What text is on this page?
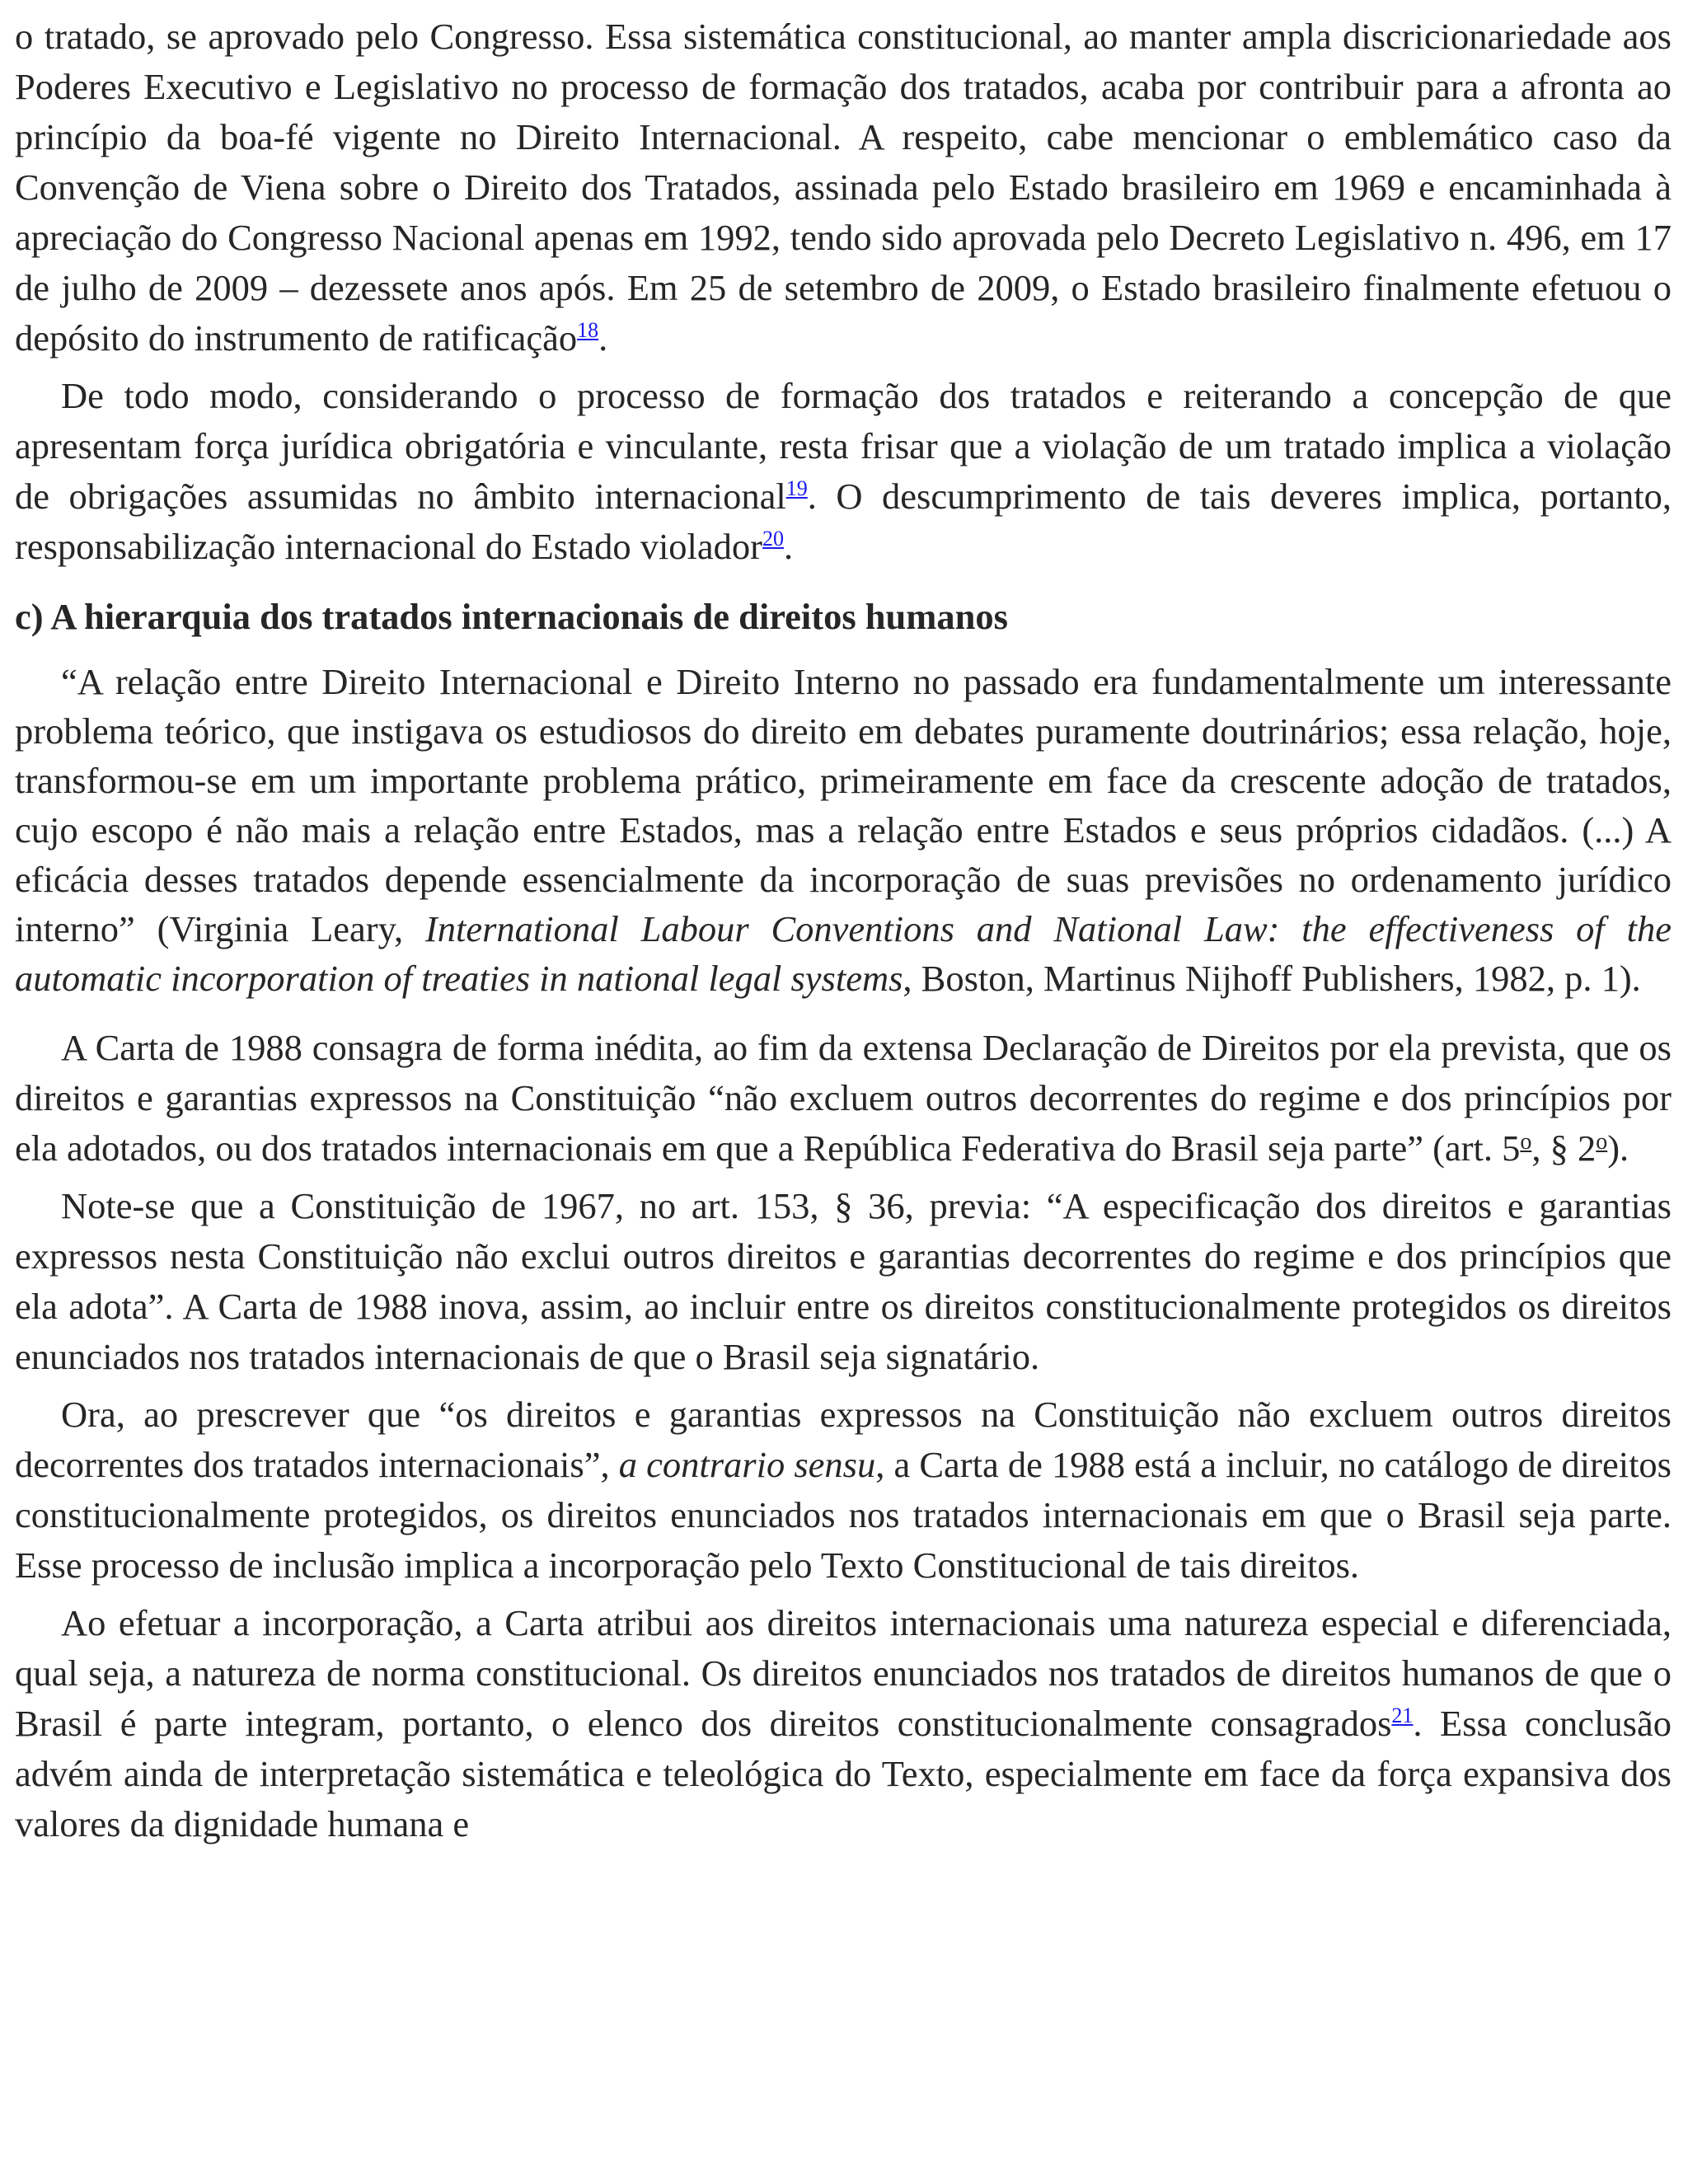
o tratado, se aprovado pelo Congresso. Essa sistemática constitucional, ao manter ampla discricionariedade aos Poderes Executivo e Legislativo no processo de formação dos tratados, acaba por contribuir para a afronta ao princípio da boa-fé vigente no Direito Internacional. A respeito, cabe mencionar o emblemático caso da Convenção de Viena sobre o Direito dos Tratados, assinada pelo Estado brasileiro em 1969 e encaminhada à apreciação do Congresso Nacional apenas em 1992, tendo sido aprovada pelo Decreto Legislativo n. 496, em 17 de julho de 2009 – dezessete anos após. Em 25 de setembro de 2009, o Estado brasileiro finalmente efetuou o depósito do instrumento de ratificação$^{18}$.

De todo modo, considerando o processo de formação dos tratados e reiterando a concepção de que apresentam força jurídica obrigatória e vinculante, resta frisar que a violação de um tratado implica a violação de obrigações assumidas no âmbito internacional$^{19}$. O descumprimento de tais deveres implica, portanto, responsabilização internacional do Estado violador$^{20}$.

c) A hierarquia dos tratados internacionais de direitos humanos

“A relação entre Direito Internacional e Direito Interno no passado era fundamentalmente um interessante problema teórico, que instigava os estudiosos do direito em debates puramente doutrinários; essa relação, hoje, transformou-se em um importante problema prático, primeiramente em face da crescente adoção de tratados, cujo escopo é não mais a relação entre Estados, mas a relação entre Estados e seus próprios cidadãos. (...) A eficácia desses tratados depende essencialmente da incorporação de suas previsões no ordenamento jurídico interno” (Virginia Leary, International Labour Conventions and National Law: the effectiveness of the automatic incorporation of treaties in national legal systems, Boston, Martinus Nijhoff Publishers, 1982, p. 1).

A Carta de 1988 consagra de forma inédita, ao fim da extensa Declaração de Direitos por ela prevista, que os direitos e garantias expressos na Constituição “não excluem outros decorrentes do regime e dos princípios por ela adotados, ou dos tratados internacionais em que a República Federativa do Brasil seja parte” (art. 5$^o$, § 2$^o$).

Note-se que a Constituição de 1967, no art. 153, § 36, previa: “A especificação dos direitos e garantias expressos nesta Constituição não exclui outros direitos e garantias decorrentes do regime e dos princípios que ela adota”. A Carta de 1988 inova, assim, ao incluir entre os direitos constitucionalmente protegidos os direitos enunciados nos tratados internacionais de que o Brasil seja signatário.

Ora, ao prescrever que “os direitos e garantias expressos na Constituição não excluem outros direitos decorrentes dos tratados internacionais”, a contrario sensu, a Carta de 1988 está a incluir, no catálogo de direitos constitucionalmente protegidos, os direitos enunciados nos tratados internacionais em que o Brasil seja parte. Esse processo de inclusão implica a incorporação pelo Texto Constitucional de tais direitos.

Ao efetuar a incorporação, a Carta atribui aos direitos internacionais uma natureza especial e diferenciada, qual seja, a natureza de norma constitucional. Os direitos enunciados nos tratados de direitos humanos de que o Brasil é parte integram, portanto, o elenco dos direitos constitucionalmente consagrados$^{21}$. Essa conclusão advém ainda de interpretação sistemática e teleológica do Texto, especialmente em face da força expansiva dos valores da dignidade humana e
